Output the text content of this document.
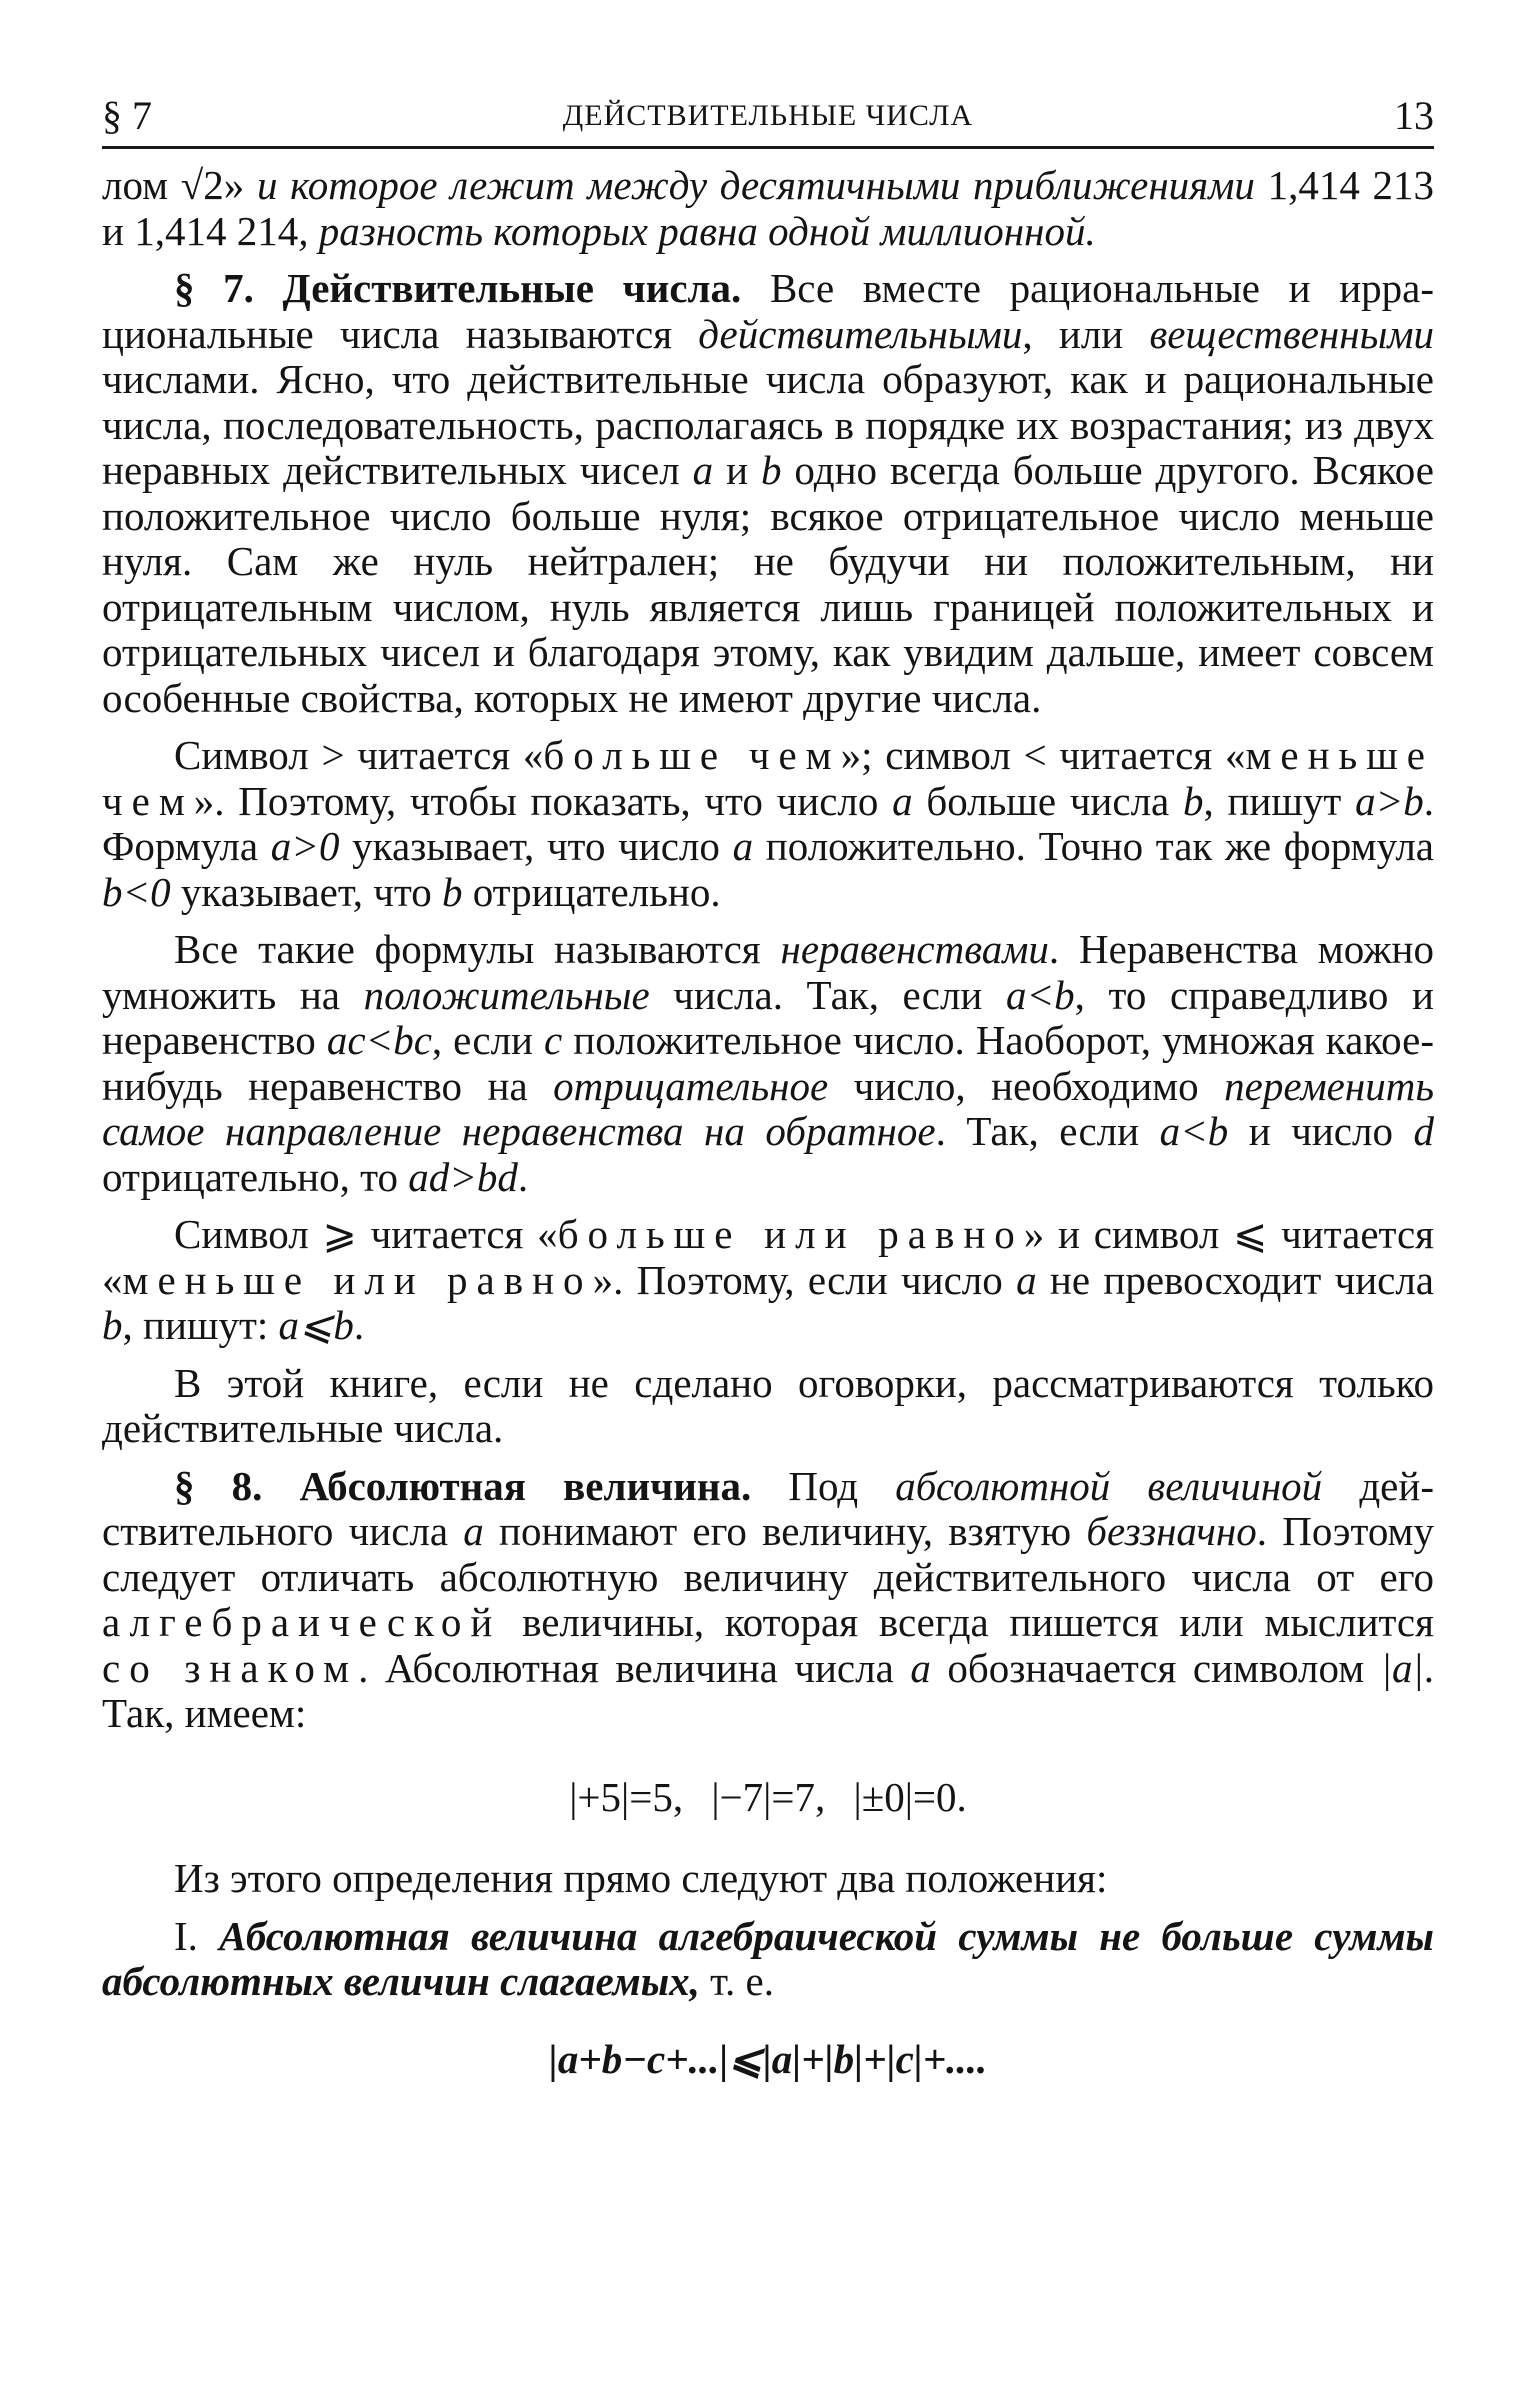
§ 7	ДЕЙСТВИТЕЛЬНЫЕ ЧИСЛА	13

лом √2» и которое лежит между десятичными приближениями 1,414 213 и 1,414 214, разность которых равна одной миллионной.

§ 7. Действительные числа. Все вместе рациональные и иррациональные числа называются действительными, или вещественными числами. Ясно, что действительные числа образуют, как и рациональные числа, последовательность, располагаясь в порядке их возрастания; из двух неравных действительных чисел a и b одно всегда больше другого. Всякое положительное число больше нуля; всякое отрицательное число меньше нуля. Сам же нуль нейтрален; не будучи ни положительным, ни отрицательным числом, нуль является лишь границей положительных и отрицательных чисел и благодаря этому, как увидим дальше, имеет совсем особенные свойства, которых не имеют другие числа.

Символ > читается «больше чем»; символ < читается «меньше чем». Поэтому, чтобы показать, что число a больше числа b, пишут a>b. Формула a>0 указывает, что число a положительно. Точно так же формула b<0 указывает, что b отрицательно.

Все такие формулы называются неравенствами. Неравенства можно умножить на положительные числа. Так, если a<b, то справедливо и неравенство ac<bc, если c положительное число. Наоборот, умножая какое-нибудь неравенство на отрицательное число, необходимо переменить самое направление неравенства на обратное. Так, если a<b и число d отрицательно, то ad>bd.

Символ ⩾ читается «больше или равно» и символ ⩽ читается «меньше или равно». Поэтому, если число a не превосходит числа b, пишут: a⩽b.

В этой книге, если не сделано оговорки, рассматриваются только действительные числа.

§ 8. Абсолютная величина. Под абсолютной величиной действительного числа a понимают его величину, взятую беззначно. Поэтому следует отличать абсолютную величину действительного числа от его алгебраической величины, которая всегда пишется или мыслится со знаком. Абсолютная величина числа a обозначается символом |a|. Так, имеем:

|+5|=5, |−7|=7, |±0|=0.

Из этого определения прямо следуют два положения:

I. Абсолютная величина алгебраической суммы не больше суммы абсолютных величин слагаемых, т. е.

|a+b−c+...|⩽|a|+|b|+|c|+....
